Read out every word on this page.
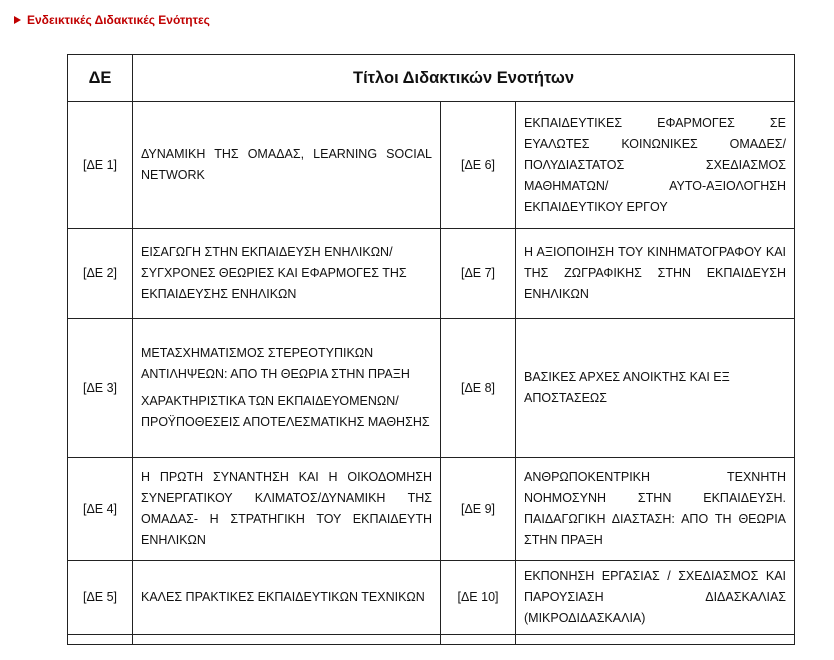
Ενδεικτικές Διδακτικές Ενότητες
ΔΕ	Τίτλοι Διδακτικών Ενοτήτων		
[ΔΕ 1]	ΔΥΝΑΜΙΚΗ ΤΗΣ ΟΜΑΔΑΣ, LEARNING SOCIAL NETWORK	[ΔΕ 6]	ΕΚΠΑΙΔΕΥΤΙΚΕΣ ΕΦΑΡΜΟΓΕΣ ΣΕ ΕΥΑΛΩΤΕΣ ΚΟΙΝΩΝΙΚΕΣ ΟΜΑΔΕΣ/ ΠΟΛΥΔΙΑΣΤΑΤΟΣ ΣΧΕΔΙΑΣΜΟΣ ΜΑΘΗΜΑΤΩΝ/ ΑΥΤΟ-ΑΞΙΟΛΟΓΗΣΗ ΕΚΠΑΙΔΕΥΤΙΚΟΥ ΕΡΓΟΥ
[ΔΕ 2]	ΕΙΣΑΓΩΓΗ ΣΤΗΝ ΕΚΠΑΙΔΕΥΣΗ ΕΝΗΛΙΚΩΝ/ ΣΥΓΧΡΟΝΕΣ ΘΕΩΡΙΕΣ ΚΑΙ ΕΦΑΡΜΟΓΕΣ ΤΗΣ ΕΚΠΑΙΔΕΥΣΗΣ ΕΝΗΛΙΚΩΝ	[ΔΕ 7]	Η ΑΞΙΟΠΟΙΗΣΗ ΤΟΥ ΚΙΝΗΜΑΤΟΓΡΑΦΟΥ ΚΑΙ ΤΗΣ ΖΩΓΡΑΦΙΚΗΣ ΣΤΗΝ ΕΚΠΑΙΔΕΥΣΗ ΕΝΗΛΙΚΩΝ
[ΔΕ 3]	ΜΕΤΑΣΧΗΜΑΤΙΣΜΟΣ ΣΤΕΡΕΟΤΥΠΙΚΩΝ ΑΝΤΙΛΗΨΕΩΝ: ΑΠΟ ΤΗ ΘΕΩΡΙΑ ΣΤΗΝ ΠΡΑΞΗ

ΧΑΡΑΚΤΗΡΙΣΤΙΚΑ ΤΩΝ ΕΚΠΑΙΔΕΥΟΜΕΝΩΝ/ ΠΡΟΫΠΟΘΕΣΕΙΣ ΑΠΟΤΕΛΕΣΜΑΤΙΚΗΣ ΜΑΘΗΣΗΣ	[ΔΕ 8]	ΒΑΣΙΚΕΣ ΑΡΧΕΣ ΑΝΟΙΚΤΗΣ ΚΑΙ ΕΞ ΑΠΟΣΤΑΣΕΩΣ
[ΔΕ 4]	Η ΠΡΩΤΗ ΣΥΝΑΝΤΗΣΗ ΚΑΙ Η ΟΙΚΟΔΟΜΗΣΗ ΣΥΝΕΡΓΑΤΙΚΟΥ ΚΛΙΜΑΤΟΣ/ΔΥΝΑΜΙΚΗ ΤΗΣ ΟΜΑΔΑΣ- Η ΣΤΡΑΤΗΓΙΚΗ ΤΟΥ ΕΚΠΑΙΔΕΥΤΗ ΕΝΗΛΙΚΩΝ	[ΔΕ 9]	ΑΝΘΡΩΠΟΚΕΝΤΡΙΚΗ ΤΕΧΝΗΤΗ ΝΟΗΜΟΣΥΝΗ ΣΤΗΝ ΕΚΠΑΙΔΕΥΣΗ. ΠΑΙΔΑΓΩΓΙΚΗ ΔΙΑΣΤΑΣΗ: ΑΠΟ ΤΗ ΘΕΩΡΙΑ ΣΤΗΝ ΠΡΑΞΗ
[ΔΕ 5]	ΚΑΛΕΣ ΠΡΑΚΤΙΚΕΣ ΕΚΠΑΙΔΕΥΤΙΚΩΝ ΤΕΧΝΙΚΩΝ	[ΔΕ 10]	ΕΚΠΟΝΗΣΗ ΕΡΓΑΣΙΑΣ / ΣΧΕΔΙΑΣΜΟΣ ΚΑΙ ΠΑΡΟΥΣΙΑΣΗ ΔΙΔΑΣΚΑΛΙΑΣ (ΜΙΚΡΟΔΙΔΑΣΚΑΛΙΑ)
